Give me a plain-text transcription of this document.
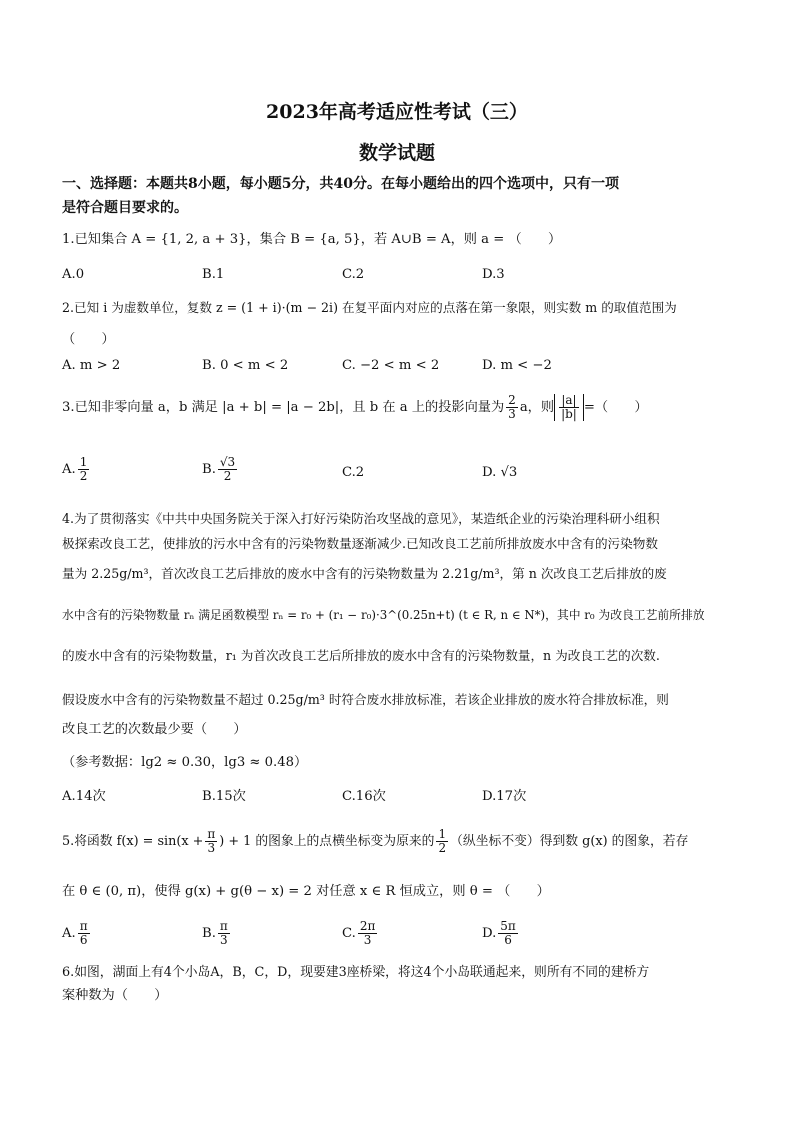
2023年高考适应性考试（三）
数学试题
一、选择题：本题共8小题，每小题5分，共40分。在每小题给出的四个选项中，只有一项
是符合题目要求的。
1.已知集合 A = {1, 2, a + 3}，集合 B = {a, 5}，若 A∪B = A，则 a = （　　）
A.0	B.1	C.2	D.3
2.已知 i 为虚数单位，复数 z = (1 + i)·(m − 2i) 在复平面内对应的点落在第一象限，则实数 m 的取值范围为
（　　）
A. m > 2	B. 0 < m < 2	C. −2 < m < 2	D. m < −2
3.已知非零向量 a，b 满足 |a + b| = |a − 2b|，且 b 在 a 上的投影向量为 $\frac{2}{3}$ a，则 $\frac{|a|}{|b|}$ =（　　）
A. $\frac{1}{2}$	B. $\frac{√3}{2}$	C.2	D. √3
4.为了贯彻落实《中共中央国务院关于深入打好污染防治攻坚战的意见》，某造纸企业的污染治理科研小组积
极探索改良工艺，使排放的污水中含有的污染物数量逐渐减少.已知改良工艺前所排放废水中含有的污染物数
量为 2.25g/m³，首次改良工艺后排放的废水中含有的污染物数量为 2.21g/m³，第 n 次改良工艺后排放的废
水中含有的污染物数量 rₙ 满足函数模型 rₙ = r₀ + (r₁ − r₀)·3^(0.25n+t) (t ∈ R, n ∈ N*)，其中 r₀ 为改良工艺前所排放
的废水中含有的污染物数量，r₁ 为首次改良工艺后所排放的废水中含有的污染物数量，n 为改良工艺的次数.
假设废水中含有的污染物数量不超过 0.25g/m³ 时符合废水排放标准，若该企业排放的废水符合排放标准，则
改良工艺的次数最少要（　　）
（参考数据：lg2 ≈ 0.30，lg3 ≈ 0.48）
A.14次	B.15次	C.16次	D.17次
5.将函数 $f(x) = \sin(x + \frac{\pi}{3}$ ) + 1 的图象上的点横坐标变为原来的 $\frac{1}{2}$ （纵坐标不变）得到数 g(x) 的图象，若存
在 θ ∈ (0, π)，使得 g(x) + g(θ − x) = 2 对任意 x ∈ R 恒成立，则 θ = （　　）
A. $\frac{\pi}{6}$	B. $\frac{\pi}{3}$	C. $\frac{2\pi}{3}$	D. $\frac{5\pi}{6}$
6.如图，湖面上有4个小岛A，B，C，D，现要建3座桥梁，将这4个小岛联通起来，则所有不同的建桥方
案种数为（　　）
